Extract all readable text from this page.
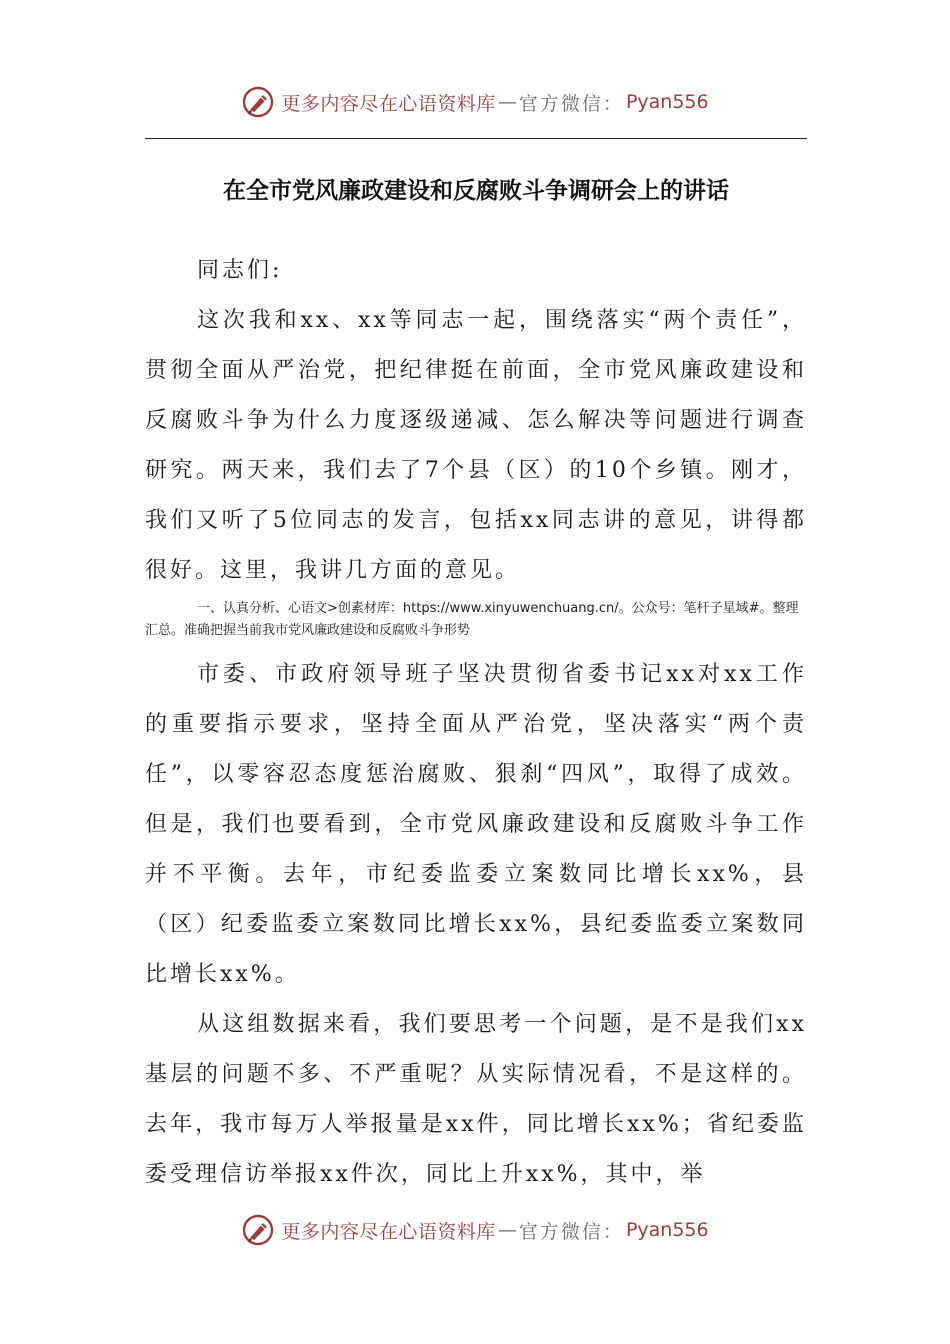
更多内容尽在心语资料库 — 官方微信： Pyan556
在全市党风廉政建设和反腐败斗争调研会上的讲话

同志们:

这次我和xx、xx等同志一起，围绕落实“两个责任”，贯彻全面从严治党，把纪律挺在前面，全市党风廉政建设和反腐败斗争为什么力度逐级递减、怎么解决等问题进行调查研究。两天来，我们去了7个县（区）的10个乡镇。刚才，我们又听了5位同志的发言，包括xx同志讲的意见，讲得都很好。这里，我讲几方面的意见。

一、认真分析、心语文>创素材库：https://www.xinyuwenchuang.cn/。公众号：笔杆子星域#。整理汇总。准确把握当前我市党风廉政建设和反腐败斗争形势

市委、市政府领导班子坚决贯彻省委书记xx对xx工作的重要指示要求，坚持全面从严治党，坚决落实“两个责任”，以零容忍态度惩治腐败、狠刹“四风”，取得了成效。但是，我们也要看到，全市党风廉政建设和反腐败斗争工作并不平衡。去年，市纪委监委立案数同比增长xx%，县（区）纪委监委立案数同比增长xx%，县纪委监委立案数同比增长xx%。

从这组数据来看，我们要思考一个问题，是不是我们xx基层的问题不多、不严重呢？从实际情况看，不是这样的。去年，我市每万人举报量是xx件，同比增长xx%；省纪委监委受理信访举报xx件次，同比上升xx%，其中，举

更多内容尽在心语资料库 — 官方微信： Pyan556
